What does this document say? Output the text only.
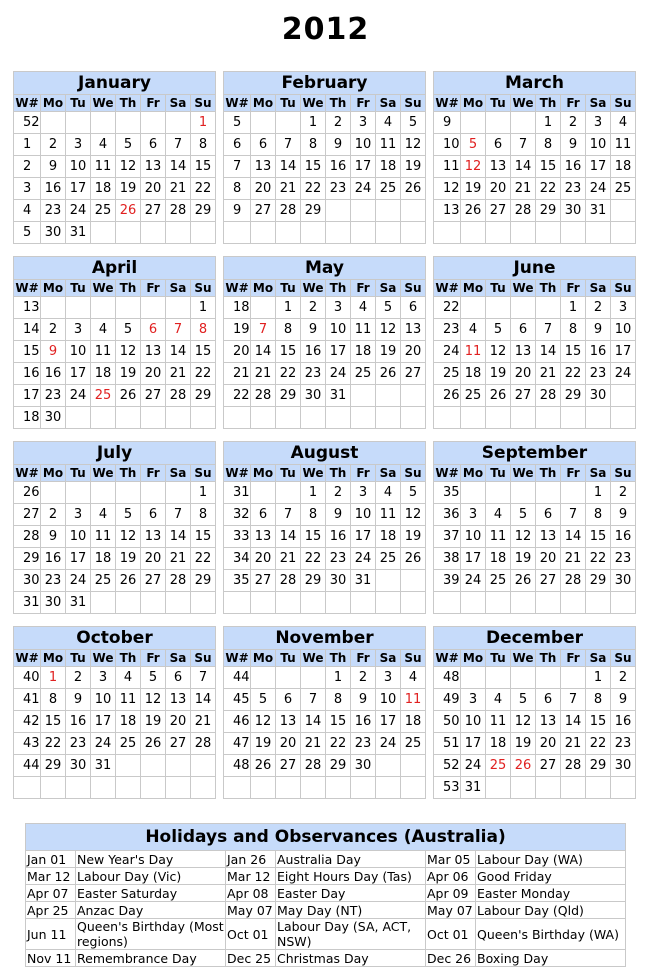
2012
January							
W#	Mo	Tu	We	Th	Fr	Sa	Su
52							1
1	2	3	4	5	6	7	8
2	9	10	11	12	13	14	15
3	16	17	18	19	20	21	22
4	23	24	25	26	27	28	29
5	30	31					
February							
W#	Mo	Tu	We	Th	Fr	Sa	Su
5			1	2	3	4	5
6	6	7	8	9	10	11	12
7	13	14	15	16	17	18	19
8	20	21	22	23	24	25	26
9	27	28	29				

March							
W#	Mo	Tu	We	Th	Fr	Sa	Su
9				1	2	3	4
10	5	6	7	8	9	10	11
11	12	13	14	15	16	17	18
12	19	20	21	22	23	24	25
13	26	27	28	29	30	31	

April							
W#	Mo	Tu	We	Th	Fr	Sa	Su
13							1
14	2	3	4	5	6	7	8
15	9	10	11	12	13	14	15
16	16	17	18	19	20	21	22
17	23	24	25	26	27	28	29
18	30						
May							
W#	Mo	Tu	We	Th	Fr	Sa	Su
18		1	2	3	4	5	6
19	7	8	9	10	11	12	13
20	14	15	16	17	18	19	20
21	21	22	23	24	25	26	27
22	28	29	30	31			

June							
W#	Mo	Tu	We	Th	Fr	Sa	Su
22					1	2	3
23	4	5	6	7	8	9	10
24	11	12	13	14	15	16	17
25	18	19	20	21	22	23	24
26	25	26	27	28	29	30	

July							
W#	Mo	Tu	We	Th	Fr	Sa	Su
26							1
27	2	3	4	5	6	7	8
28	9	10	11	12	13	14	15
29	16	17	18	19	20	21	22
30	23	24	25	26	27	28	29
31	30	31					
August							
W#	Mo	Tu	We	Th	Fr	Sa	Su
31			1	2	3	4	5
32	6	7	8	9	10	11	12
33	13	14	15	16	17	18	19
34	20	21	22	23	24	25	26
35	27	28	29	30	31		

September							
W#	Mo	Tu	We	Th	Fr	Sa	Su
35						1	2
36	3	4	5	6	7	8	9
37	10	11	12	13	14	15	16
38	17	18	19	20	21	22	23
39	24	25	26	27	28	29	30

October							
W#	Mo	Tu	We	Th	Fr	Sa	Su
40	1	2	3	4	5	6	7
41	8	9	10	11	12	13	14
42	15	16	17	18	19	20	21
43	22	23	24	25	26	27	28
44	29	30	31				

November							
W#	Mo	Tu	We	Th	Fr	Sa	Su
44				1	2	3	4
45	5	6	7	8	9	10	11
46	12	13	14	15	16	17	18
47	19	20	21	22	23	24	25
48	26	27	28	29	30		

December							
W#	Mo	Tu	We	Th	Fr	Sa	Su
48						1	2
49	3	4	5	6	7	8	9
50	10	11	12	13	14	15	16
51	17	18	19	20	21	22	23
52	24	25	26	27	28	29	30
53	31						
Holidays and Observances (Australia)					
Jan 01	New Year's Day	Jan 26	Australia Day	Mar 05	Labour Day (WA)
Mar 12	Labour Day (Vic)	Mar 12	Eight Hours Day (Tas)	Apr 06	Good Friday
Apr 07	Easter Saturday	Apr 08	Easter Day	Apr 09	Easter Monday
Apr 25	Anzac Day	May 07	May Day (NT)	May 07	Labour Day (Qld)
Jun 11	Queen's Birthday (Most regions)	Oct 01	Labour Day (SA, ACT, NSW)	Oct 01	Queen's Birthday (WA)
Nov 11	Remembrance Day	Dec 25	Christmas Day	Dec 26	Boxing Day
